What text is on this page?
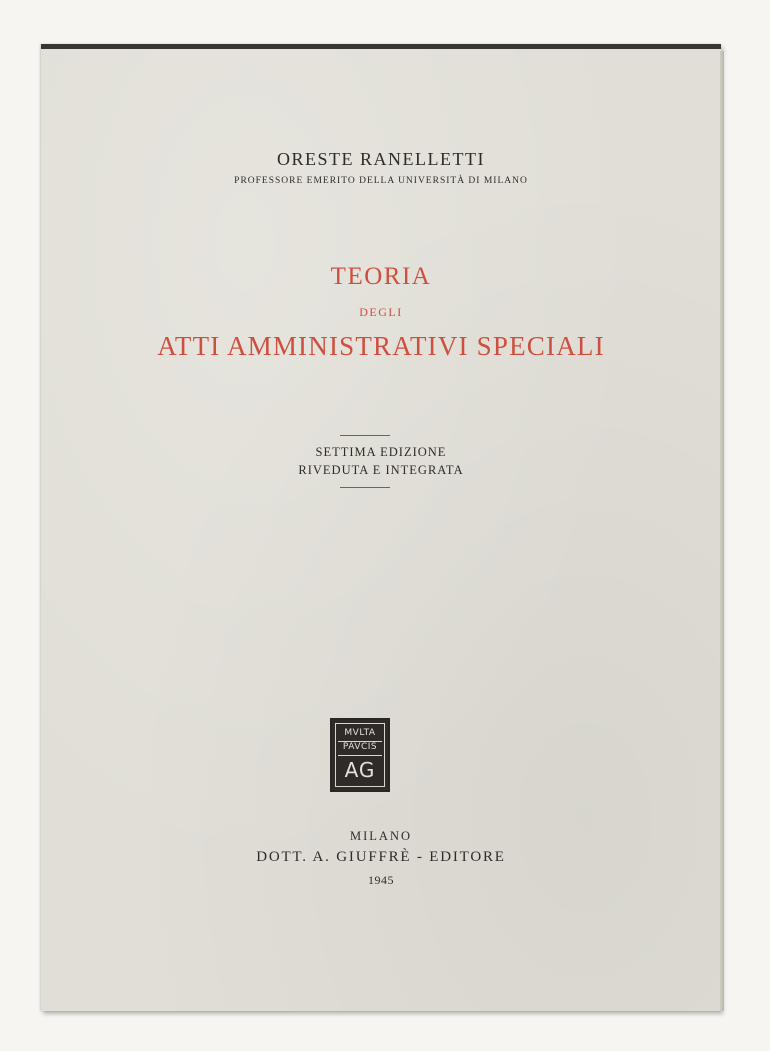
ORESTE RANELLETTI
PROFESSORE EMERITO DELLA UNIVERSITÀ DI MILANO
TEORIA
DEGLI
ATTI AMMINISTRATIVI SPECIALI
SETTIMA EDIZIONE
RIVEDUTA E INTEGRATA
MVLTA
PAVCIS
AG
MILANO
DOTT. A. GIUFFRÈ - EDITORE
1945
